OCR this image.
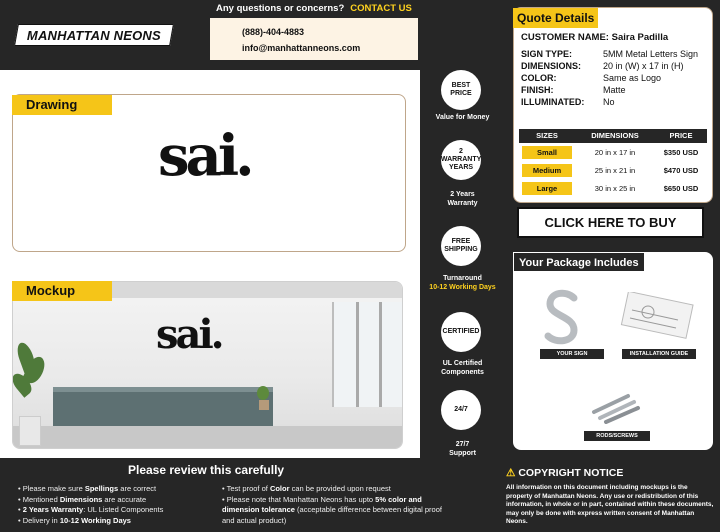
MANHATTAN NEONS
Any questions or concerns? CONTACT US
(888)-404-4883
info@manhattanneons.com
Drawing
sai.
sai.
Mockup
BEST PRICE
Value for Money
2 WARRANTY YEARS
2 Years
Warranty
FREE SHIPPING
Turnaround
10-12 Working Days
CERTIFIED
UL Certified
Components
24/7
27/7
Support
Quote Details
CUSTOMER NAME: Saira Padilla
SIGN TYPE:	5MM Metal Letters Sign
DIMENSIONS: 20 in (W) x 17 in (H)
COLOR:	Same as Logo
FINISH:	Matte
ILLUMINATED: No
SIZES	DIMENSIONS	PRICE
Small	20 in x 17 in	$350 USD
Medium	25 in x 21 in	$470 USD
Large	30 in x 25 in	$650 USD
CLICK HERE TO BUY
Your Package Includes
YOUR SIGN	INSTALLATION GUIDE
RODS/SCREWS
Please review this carefully
• Please make sure Spellings are correct
• Mentioned Dimensions are accurate
• 2 Years Warranty: UL Listed Components
• Delivery in 10-12 Working Days
• Test proof of Color can be provided upon request
• Please note that Manhattan Neons has upto 5% color and dimension tolerance (acceptable difference between digital proof and actual product)
⚠ COPYRIGHT NOTICE
All information on this document including mockups is the property of Manhattan Neons. Any use or redistribution of this information, in whole or in part, contained within these documents, may only be done with express written consent of Manhattan Neons.
